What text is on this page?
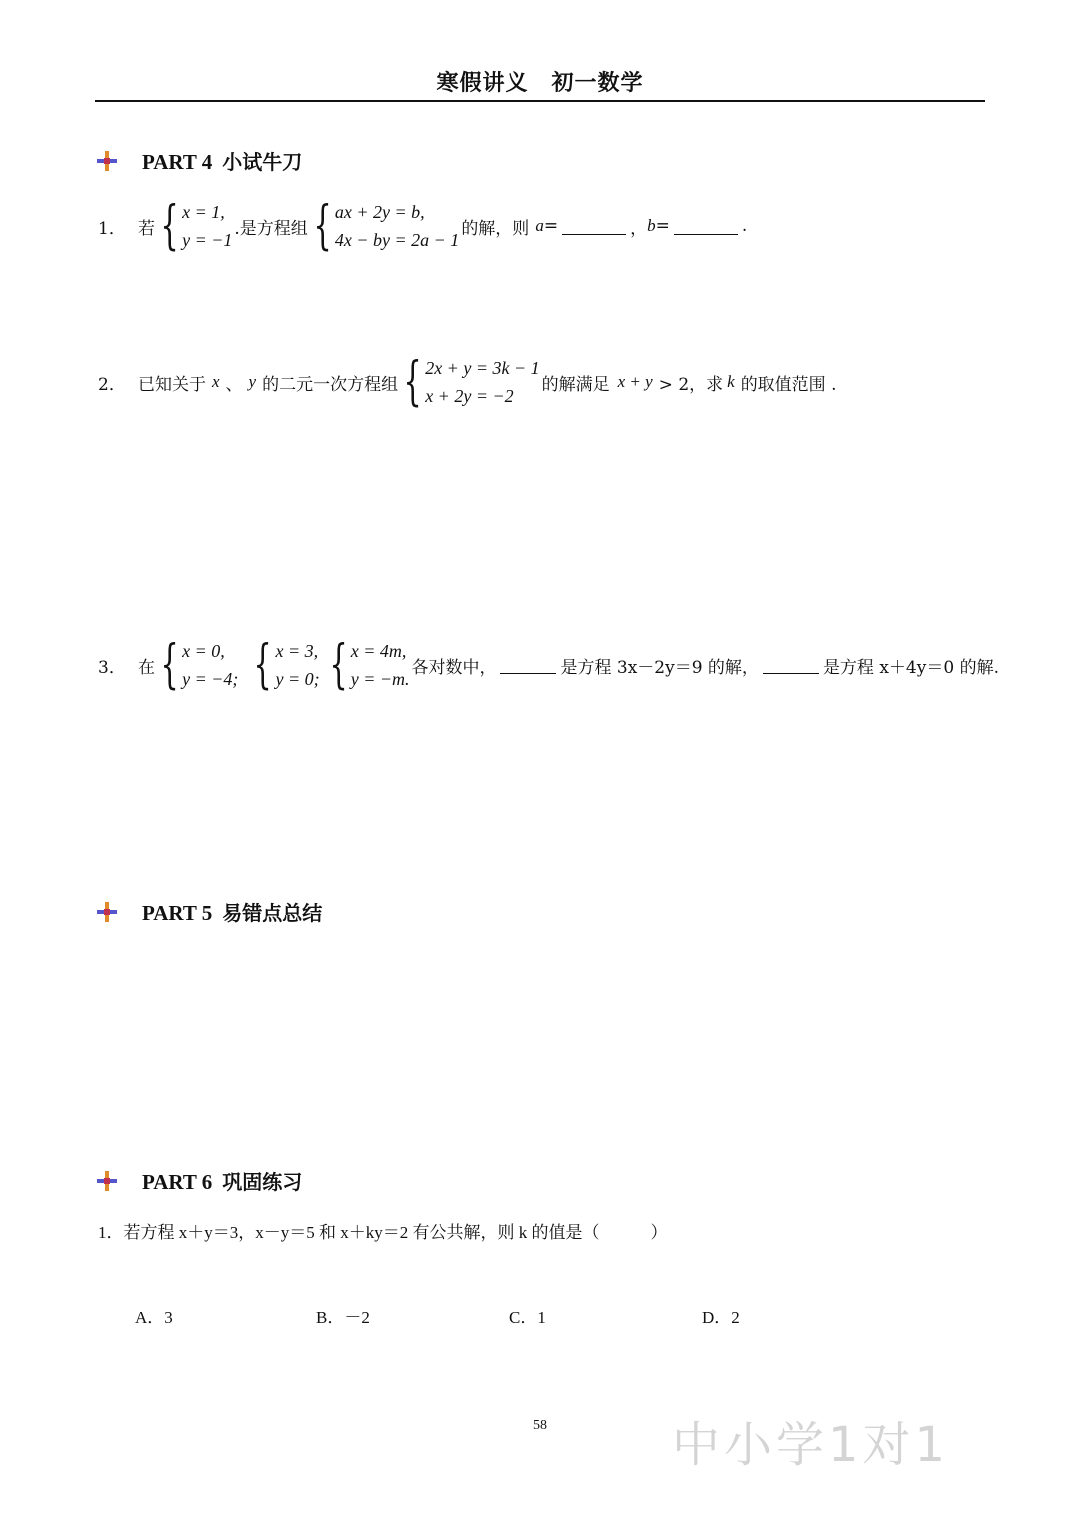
寒假讲义　初一数学
PART 4 小试牛刀
1． 若 { x = 1,
y = −1 · 是方程组 { ax + 2y = b,
4x − by = 2a − 1
的解，则 a =	， b =	.
2． 已知关于 x 、 y 的二元一次方程组 { 2x + y = 3k − 1
x + 2y = −2
的解满足 x + y > 2，求 k 的取值范围 .
3． 在 { x = 0,
y = −4; { x = 3,
y = 0; { x = 4m,
y = −m.
各对数中，	是方程 3x－2y＝9 的解，	是方程 x＋4y＝0 的解.
PART 5 易错点总结
PART 6 巩固练习
1．若方程 x＋y＝3，x－y＝5 和 x＋ky＝2 有公共解，则 k 的值是（　　　）
A．3	B．－2	C．1	D．2
58	中小学1对1
